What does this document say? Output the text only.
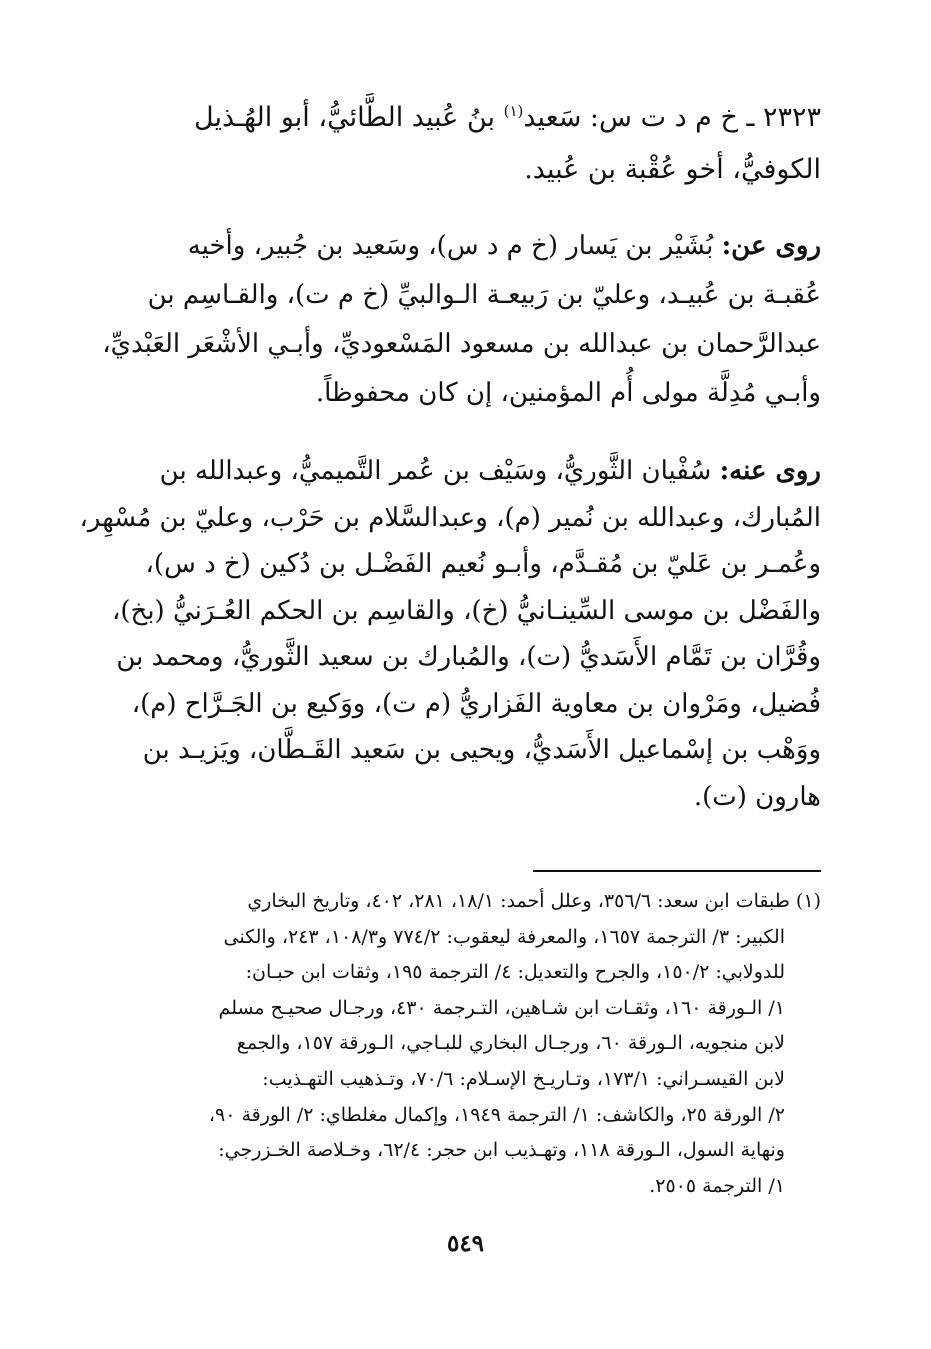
٢٣٢٣ ـ خ م د ت س: سَعيد$^{(١)}$ بنُ عُبيد الطَّائيُّ، أبو الهُـذيل
الكوفيُّ، أخو عُقْبة بن عُبيد.
روى عن: بُشَيْر بن يَسار (خ م د س)، وسَعيد بن جُبير، وأخيه
عُقبـة بن عُبيـد، وعليّ بن رَبيعـة الـوالبيِّ (خ م ت)، والقـاسِم بن
عبدالرَّحمان بن عبدالله بن مسعود المَسْعوديِّ، وأبـي الأشْعَر العَبْديِّ،
وأبـي مُدِلَّة مولى أُم المؤمنين، إن كان محفوظاً.
روى عنه: سُفْيان الثَّوريُّ، وسَيْف بن عُمر التَّميميُّ، وعبدالله بن
المُبارك، وعبدالله بن نُمير (م)، وعبدالسَّلام بن حَرْب، وعليّ بن مُسْهِر،
وعُمـر بن عَليّ بن مُقـدَّم، وأبـو نُعيم الفَضْـل بن دُكين (خ د س)،
والفَضْل بن موسى السِّينـانيُّ (خ)، والقاسِم بن الحكم العُـرَنيُّ (بخ)،
وقُرَّان بن تَمَّام الأَسَديُّ (ت)، والمُبارك بن سعيد الثَّوريُّ، ومحمد بن
فُضيل، ومَرْوان بن معاوية الفَزاريُّ (م ت)، ووَكيع بن الجَـرَّاح (م)،
ووَهْب بن إسْماعيل الأَسَديُّ، ويحيى بن سَعيد القَـطَّان، ويَزيـد بن
هارون (ت).
(١) طبقات ابن سعد: ٣٥٦/٦، وعلل أحمد: ١٨/١، ٢٨١، ٤٠٢، وتاريخ البخاري
الكبير: ٣/ الترجمة ١٦٥٧، والمعرفة ليعقوب: ٧٧٤/٢ و١٠٨/٣، ٢٤٣، والكنى
للدولابي: ١٥٠/٢، والجرح والتعديل: ٤/ الترجمة ١٩٥، وثقات ابن حبـان:
١/ الـورقة ١٦٠، وثقـات ابن شـاهين، التـرجمة ٤٣٠، ورجـال صحيـح مسلم
لابن منجويه، الـورقة ٦٠، ورجـال البخاري للبـاجي، الـورقة ١٥٧، والجمع
لابن القيسـراني: ١٧٣/١، وتـاريـخ الإسـلام: ٧٠/٦، وتـذهيب التهـذيب:
٢/ الورقة ٢٥، والكاشف: ١/ الترجمة ١٩٤٩، وإكمال مغلطاي: ٢/ الورقة ٩٠،
ونهاية السول، الـورقة ١١٨، وتهـذيب ابن حجر: ٦٢/٤، وخـلاصة الخـزرجي:
١/ الترجمة ٢٥٠٥.
٥٤٩
